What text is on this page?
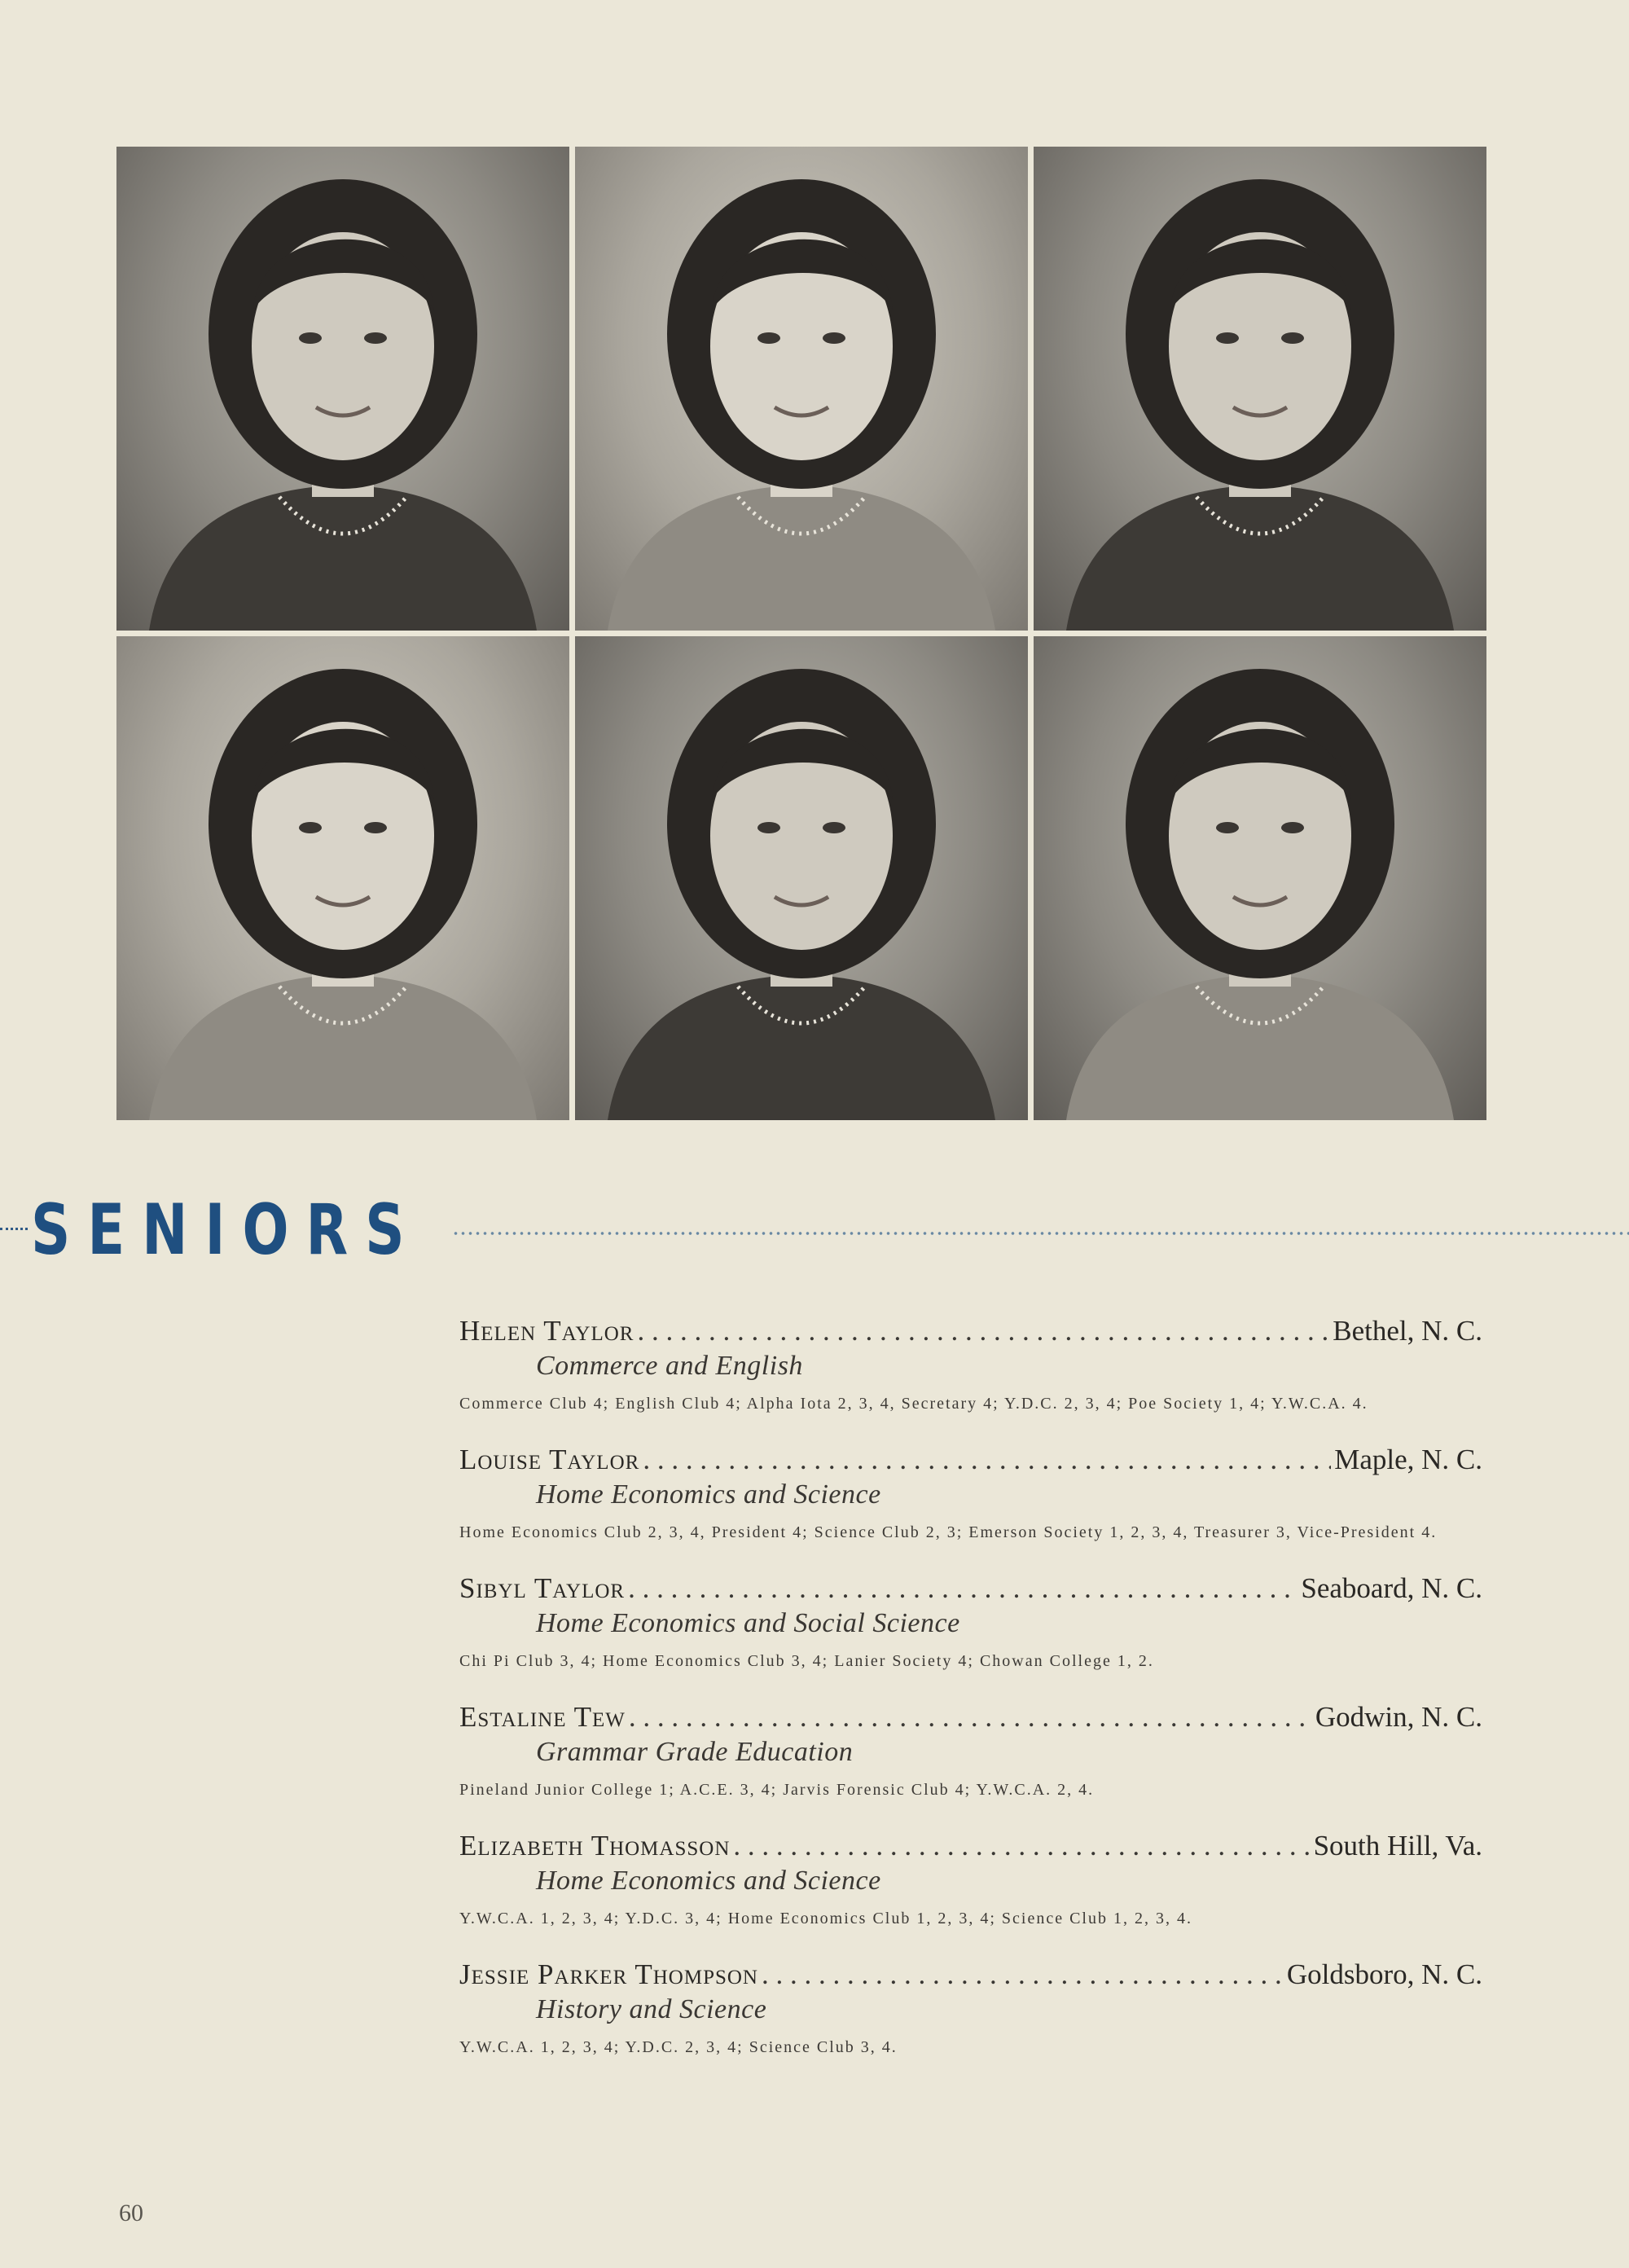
SENIORS
Helen Taylor . . .	Bethel, N. C.
Commerce and English
Commerce Club 4; English Club 4; Alpha Iota 2, 3, 4, Secretary 4; Y.D.C. 2, 3, 4; Poe Society 1, 4; Y.W.C.A. 4.
Louise Taylor . . .	Maple, N. C.
Home Economics and Science
Home Economics Club 2, 3, 4, President 4; Science Club 2, 3; Emerson Society 1, 2, 3, 4, Treasurer 3, Vice-President 4.
Sibyl Taylor . . .	Seaboard, N. C.
Home Economics and Social Science
Chi Pi Club 3, 4; Home Economics Club 3, 4; Lanier Society 4; Chowan College 1, 2.
Estaline Tew . . .	Godwin, N. C.
Grammar Grade Education
Pineland Junior College 1; A.C.E. 3, 4; Jarvis Forensic Club 4; Y.W.C.A. 2, 4.
Elizabeth Thomasson . . .	South Hill, Va.
Home Economics and Science
Y.W.C.A. 1, 2, 3, 4; Y.D.C. 3, 4; Home Economics Club 1, 2, 3, 4; Science Club 1, 2, 3, 4.
Jessie Parker Thompson . . .	Goldsboro, N. C.
History and Science
Y.W.C.A. 1, 2, 3, 4; Y.D.C. 2, 3, 4; Science Club 3, 4.
60
